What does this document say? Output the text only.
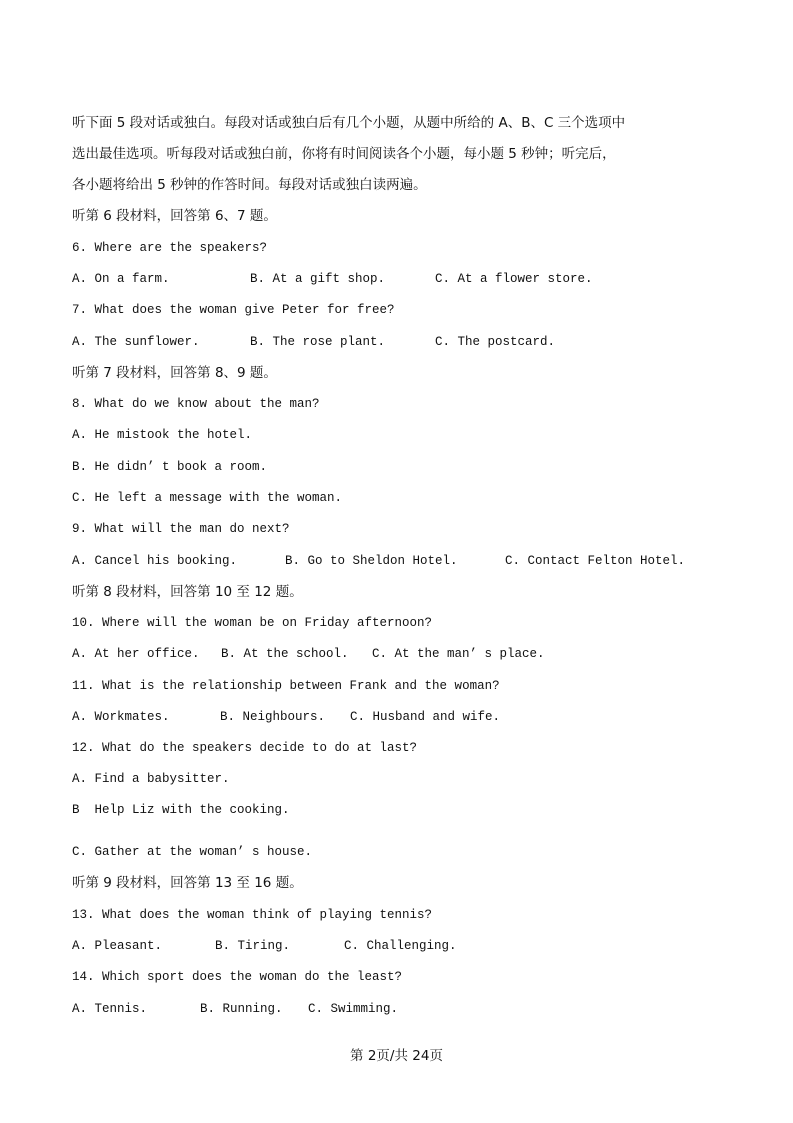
听下面 5 段对话或独白。每段对话或独白后有几个小题，从题中所给的 A、B、C 三个选项中
选出最佳选项。听每段对话或独白前，你将有时间阅读各个小题，每小题 5 秒钟；听完后，
各小题将给出 5 秒钟的作答时间。每段对话或独白读两遍。
听第 6 段材料，回答第 6、7 题。
6. Where are the speakers?
A. On a farm.	B. At a gift shop.	C. At a flower store.
7. What does the woman give Peter for free?
A. The sunflower.	B. The rose plant.	C. The postcard.
听第 7 段材料，回答第 8、9 题。
8. What do we know about the man?
A. He mistook the hotel.
B. He didn’ t book a room.
C. He left a message with the woman.
9. What will the man do next?
A. Cancel his booking.	B. Go to Sheldon Hotel.	C. Contact Felton Hotel.
听第 8 段材料，回答第 10 至 12 题。
10. Where will the woman be on Friday afternoon?
A. At her office. B. At the school. C. At the man’ s place.
11. What is the relationship between Frank and the woman?
A. Workmates.	B. Neighbours. C. Husband and wife.
12. What do the speakers decide to do at last?
A. Find a babysitter.
B  Help Liz with the cooking.
C. Gather at the woman’ s house.
听第 9 段材料，回答第 13 至 16 题。
13. What does the woman think of playing tennis?
A. Pleasant.	B. Tiring.	C. Challenging.
14. Which sport does the woman do the least?
A. Tennis.	B. Running. C. Swimming.
第 2页/共 24页
